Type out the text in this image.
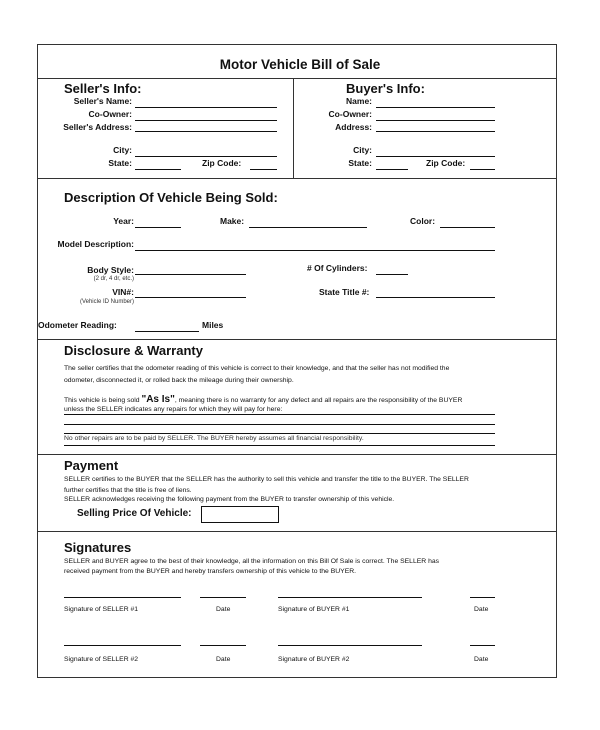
Motor Vehicle Bill of Sale
Seller's Info:
Seller's Name:
Co-Owner:
Seller's Address:
City:
State:	Zip Code:
Buyer's Info:
Name:
Co-Owner:
Address:
City:
State:	Zip Code:
Description Of Vehicle Being Sold:
Year:	Make:	Color:
Model Description:
Body Style:
(2 dr, 4 dr, etc.)
# Of Cylinders:
VIN#:
(Vehicle ID Number)
State Title #:
Odometer Reading:	Miles
Disclosure & Warranty
The seller certifies that the odometer reading of this vehicle is correct to their knowledge, and that the seller has not modified the
odometer, disconnected it, or rolled back the mileage during their ownership.
This vehicle is being sold "As Is", meaning there is no warranty for any defect and all repairs are the responsibility of the BUYER
unless the SELLER indicates any repairs for which they will pay for here:
No other repairs are to be paid by SELLER. The BUYER hereby assumes all financial responsibility.
Payment
SELLER certifies to the BUYER that the SELLER has the authority to sell this vehicle and transfer the title to the BUYER. The SELLER
further certifies that the title is free of liens.
SELLER acknowledges receiving the following payment from the BUYER to transfer ownership of this vehicle.
Selling Price Of Vehicle:
Signatures
SELLER and BUYER agree to the best of their knowledge, all the information on this Bill Of Sale is correct. The SELLER has
received payment from the BUYER and hereby transfers ownership of this vehicle to the BUYER.
Signature of SELLER #1	Date	Signature of BUYER #1	Date
Signature of SELLER #2	Date	Signature of BUYER #2	Date
